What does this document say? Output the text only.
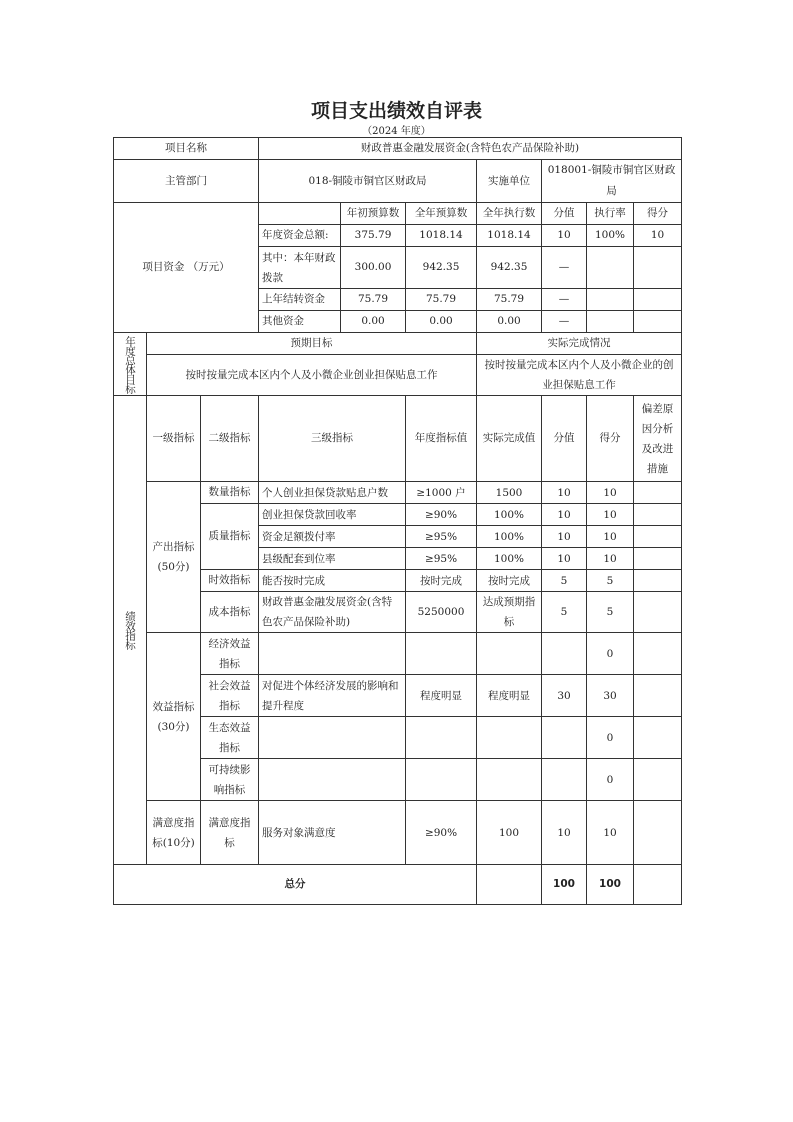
项目支出绩效自评表
（2024 年度）
项目名称			财政普惠金融发展资金(含特色农产品保险补助)						
主管部门			018-铜陵市铜官区财政局			实施单位	018001-铜陵市铜官区财政局		
项目资金 （万元）				年初预算数	全年预算数	全年执行数	分值	执行率	得分
			年度资金总额:	375.79	1018.14	1018.14	10	100%	10
			其中：本年财政拨款	300.00	942.35	942.35	—		
			上年结转资金	75.79	75.79	75.79	—		
			其他资金	0.00	0.00	0.00	—		
年度总体目标	预期目标					实际完成情况			
	按时按量完成本区内个人及小微企业创业担保贴息工作					按时按量完成本区内个人及小微企业的创业担保贴息工作			
绩效指标	一级指标	二级指标	三级指标		年度指标值	实际完成值	分值	得分	偏差原因分析及改进措施
	产出指标(50分)	数量指标	个人创业担保贷款贴息户数		≥1000 户	1500	10	10	
		质量指标	创业担保贷款回收率		≥90%	100%	10	10	
			资金足额拨付率		≥95%	100%	10	10	
			县级配套到位率		≥95%	100%	10	10	
		时效指标	能否按时完成		按时完成	按时完成	5	5	
		成本指标	财政普惠金融发展资金(含特色农产品保险补助)		5250000	达成预期指标	5	5	
	效益指标(30分)	经济效益指标						0	
		社会效益指标	对促进个体经济发展的影响和提升程度		程度明显	程度明显	30	30	
		生态效益指标						0	
		可持续影响指标						0	
	满意度指标(10分)	满意度指标	服务对象满意度		≥90%	100	10	10	
总分							100	100	
